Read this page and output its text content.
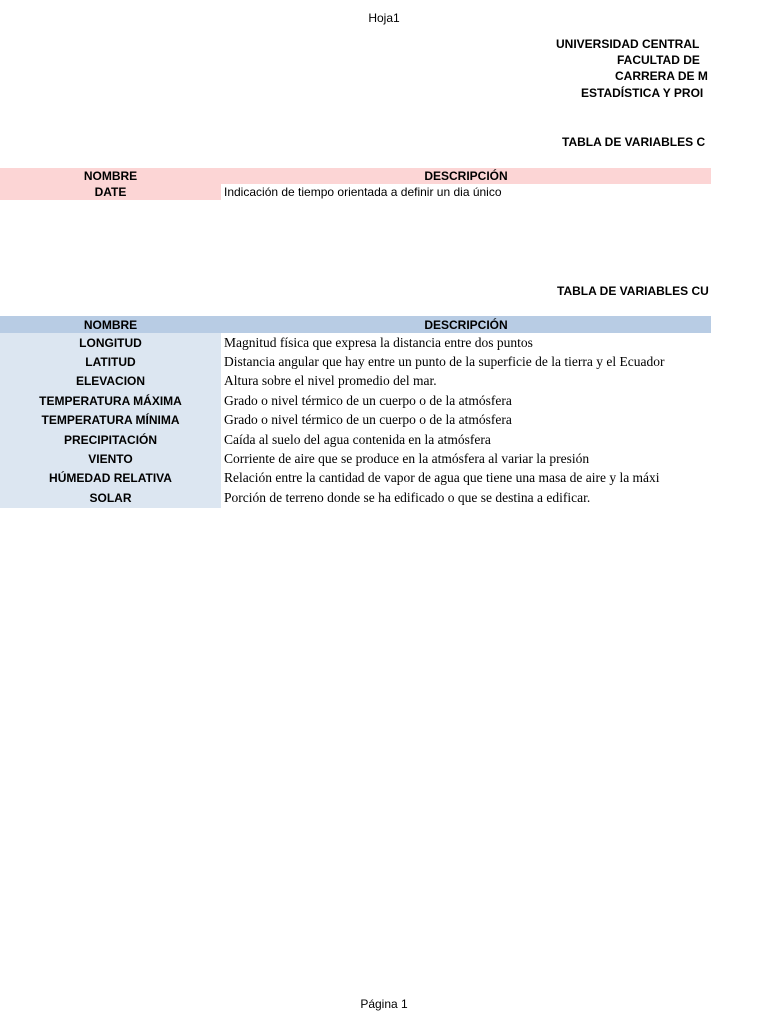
Hoja1
UNIVERSIDAD CENTRAL
FACULTAD DE
CARRERA DE M
ESTADÍSTICA Y PROI
TABLA DE VARIABLES C
NOMBRE	DESCRIPCIÓN
DATE	Indicación de tiempo orientada a definir un dia único
TABLA DE VARIABLES CU
NOMBRE	DESCRIPCIÓN
LONGITUD	Magnitud física que expresa la distancia entre dos puntos
LATITUD	Distancia angular que hay entre un punto de la superficie de la tierra y el Ecuador
ELEVACION	Altura sobre el nivel promedio del mar.
TEMPERATURA MÁXIMA	Grado o nivel térmico de un cuerpo o de la atmósfera
TEMPERATURA MÍNIMA	Grado o nivel térmico de un cuerpo o de la atmósfera
PRECIPITACIÓN	Caída al suelo del agua contenida en la atmósfera
VIENTO	Corriente de aire que se produce en la atmósfera al variar la presión
HÚMEDAD RELATIVA	Relación entre la cantidad de vapor de agua que tiene una masa de aire y la máxi
SOLAR	Porción de terreno donde se ha edificado o que se destina a edificar.
Página 1
